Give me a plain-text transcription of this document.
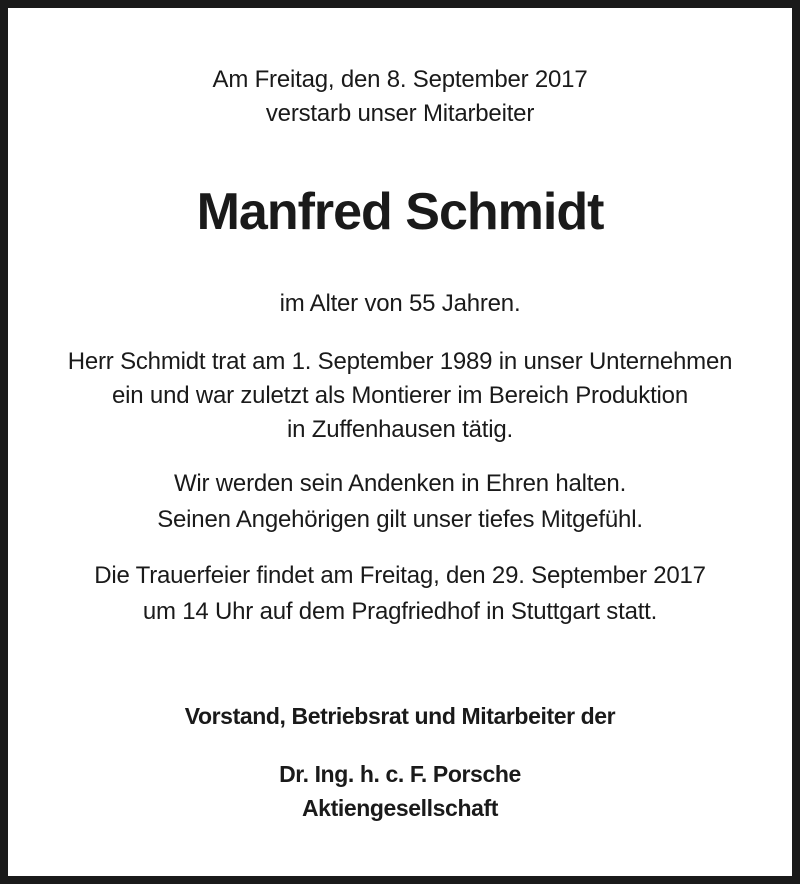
Am Freitag, den 8. September 2017
verstarb unser Mitarbeiter
Manfred Schmidt
im Alter von 55 Jahren.
Herr Schmidt trat am 1. September 1989 in unser Unternehmen
ein und war zuletzt als Montierer im Bereich Produktion
in Zuffenhausen tätig.
Wir werden sein Andenken in Ehren halten.
Seinen Angehörigen gilt unser tiefes Mitgefühl.
Die Trauerfeier findet am Freitag, den 29. September 2017
um 14 Uhr auf dem Pragfriedhof in Stuttgart statt.
Vorstand, Betriebsrat und Mitarbeiter der
Dr. Ing. h. c. F. Porsche
Aktiengesellschaft
